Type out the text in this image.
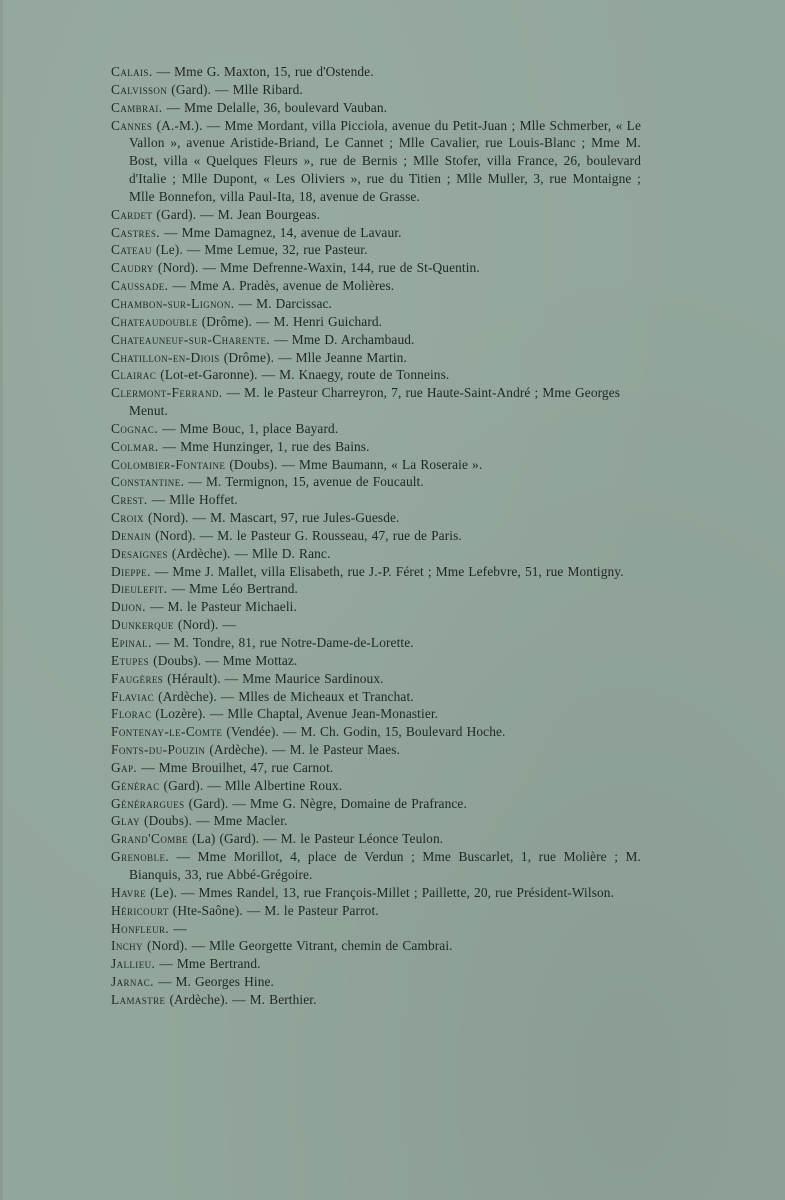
Calais. — Mme G. Maxton, 15, rue d'Ostende.
Calvisson (Gard). — Mlle Ribard.
Cambrai. — Mme Delalle, 36, boulevard Vauban.
Cannes (A.-M.). — Mme Mordant, villa Picciola, avenue du Petit-Juan ; Mlle Schmerber, « Le Vallon », avenue Aristide-Briand, Le Cannet ; Mlle Cavalier, rue Louis-Blanc ; Mme M. Bost, villa « Quelques Fleurs », rue de Bernis ; Mlle Stofer, villa France, 26, boulevard d'Italie ; Mlle Dupont, « Les Oliviers », rue du Titien ; Mlle Muller, 3, rue Montaigne ; Mlle Bonnefon, villa Paul-Ita, 18, avenue de Grasse.
Cardet (Gard). — M. Jean Bourgeas.
Castres. — Mme Damagnez, 14, avenue de Lavaur.
Cateau (Le). — Mme Lemue, 32, rue Pasteur.
Caudry (Nord). — Mme Defrenne-Waxin, 144, rue de St-Quentin.
Caussade. — Mme A. Pradès, avenue de Molières.
Chambon-sur-Lignon. — M. Darcissac.
Chateaudouble (Drôme). — M. Henri Guichard.
Chateauneuf-sur-Charente. — Mme D. Archambaud.
Chatillon-en-Diois (Drôme). — Mlle Jeanne Martin.
Clairac (Lot-et-Garonne). — M. Knaegy, route de Tonneins.
Clermont-Ferrand. — M. le Pasteur Charreyron, 7, rue Haute-Saint-André ; Mme Georges Menut.
Cognac. — Mme Bouc, 1, place Bayard.
Colmar. — Mme Hunzinger, 1, rue des Bains.
Colombier-Fontaine (Doubs). — Mme Baumann, « La Roseraie ».
Constantine. — M. Termignon, 15, avenue de Foucault.
Crest. — Mlle Hoffet.
Croix (Nord). — M. Mascart, 97, rue Jules-Guesde.
Denain (Nord). — M. le Pasteur G. Rousseau, 47, rue de Paris.
Desaignes (Ardèche). — Mlle D. Ranc.
Dieppe. — Mme J. Mallet, villa Elisabeth, rue J.-P. Féret ; Mme Lefebvre, 51, rue Montigny.
Dieulefit. — Mme Léo Bertrand.
Dijon. — M. le Pasteur Michaeli.
Dunkerque (Nord). —
Epinal. — M. Tondre, 81, rue Notre-Dame-de-Lorette.
Etupes (Doubs). — Mme Mottaz.
Faugères (Hérault). — Mme Maurice Sardinoux.
Flaviac (Ardèche). — Mlles de Micheaux et Tranchat.
Florac (Lozère). — Mlle Chaptal, Avenue Jean-Monastier.
Fontenay-le-Comte (Vendée). — M. Ch. Godin, 15, Boulevard Hoche.
Fonts-du-Pouzin (Ardèche). — M. le Pasteur Maes.
Gap. — Mme Brouilhet, 47, rue Carnot.
Générac (Gard). — Mlle Albertine Roux.
Générargues (Gard). — Mme G. Nègre, Domaine de Prafrance.
Glay (Doubs). — Mme Macler.
Grand'Combe (La) (Gard). — M. le Pasteur Léonce Teulon.
Grenoble. — Mme Morillot, 4, place de Verdun ; Mme Buscarlet, 1, rue Molière ; M. Bianquis, 33, rue Abbé-Grégoire.
Havre (Le). — Mmes Randel, 13, rue François-Millet ; Paillette, 20, rue Président-Wilson.
Héricourt (Hte-Saône). — M. le Pasteur Parrot.
Honfleur. —
Inchy (Nord). — Mlle Georgette Vitrant, chemin de Cambrai.
Jallieu. — Mme Bertrand.
Jarnac. — M. Georges Hine.
Lamastre (Ardèche). — M. Berthier.
